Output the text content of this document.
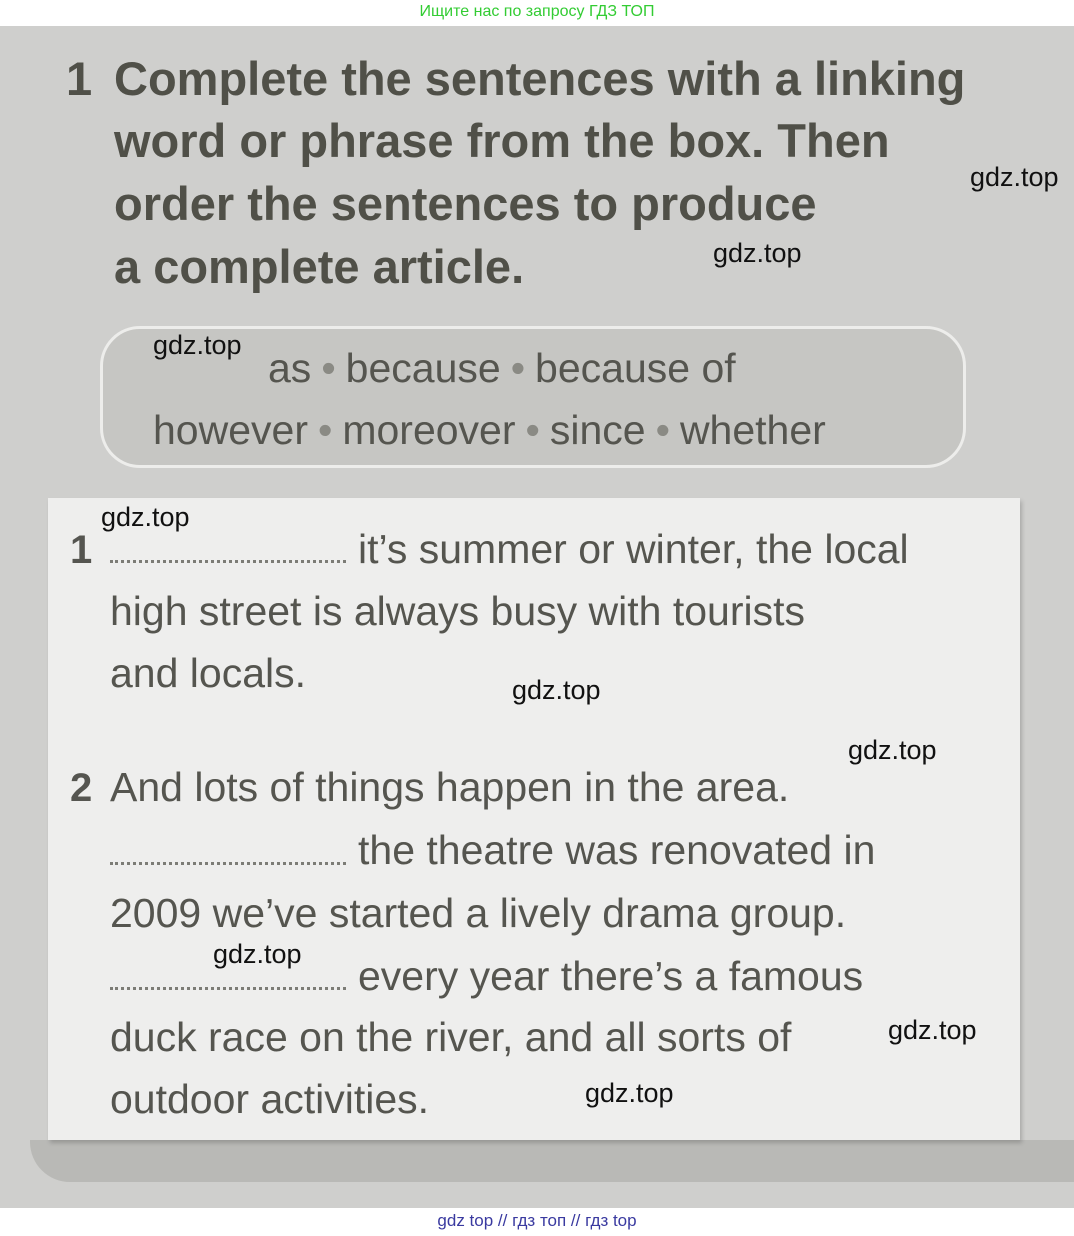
Ищите нас по запросу ГДЗ ТОП
1 Complete the sentences with a linking
word or phrase from the box. Then
order the sentences to produce
a complete article.
as • because • because of
however • moreover • since • whether
1	it’s summer or winter, the local
high street is always busy with tourists
and locals.
2 And lots of things happen in the area.
the theatre was renovated in
2009 we’ve started a lively drama group.
every year there’s a famous
duck race on the river, and all sorts of
outdoor activities.
gdz.top
gdz.top
gdz.top
gdz.top
gdz.top
gdz.top
gdz.top
gdz.top
gdz.top
gdz top // гдз топ // гдз top
